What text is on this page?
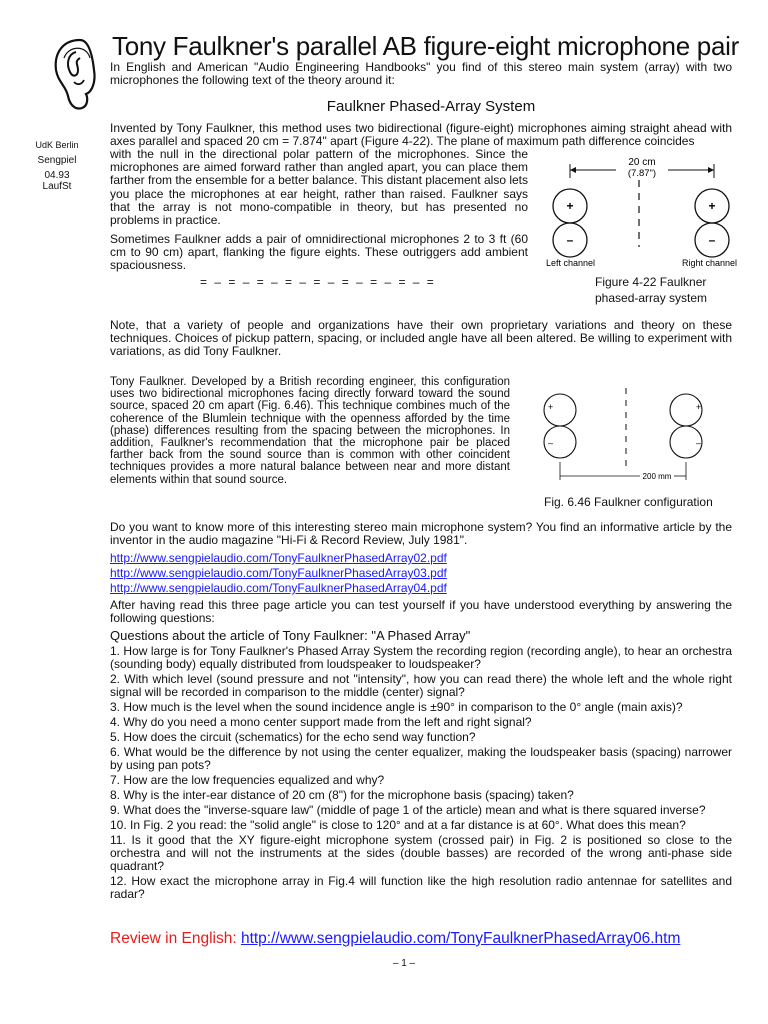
Tony Faulkner's parallel AB figure-eight microphone pair
In English and American "Audio Engineering Handbooks" you find of this stereo main system (array) with two microphones the following text of the theory around it:
Faulkner Phased-Array System
UdK Berlin
Sengpiel
04.93
LaufSt
Invented by Tony Faulkner, this method uses two bidirectional (figure-eight) microphones aiming straight ahead with axes parallel and spaced 20 cm = 7.874" apart (Figure 4-22). The plane of maximum path difference coincides
with the null in the directional polar pattern of the microphones. Since the microphones are aimed forward rather than angled apart, you can place them farther from the ensemble for a better balance. This distant placement also lets you place the microphones at ear height, rather than raised. Faulkner says that the array is not mono-compatible in theory, but has presented no problems in practice.
20 cm
(7.87")
+
–
+
–
Left channel	Right channel
Sometimes Faulkner adds a pair of omnidirectional microphones 2 to 3 ft (60 cm to 90 cm) apart, flanking the figure eights. These outriggers add ambient spaciousness.
= – = – = – = – = – = – = – = – =	Figure 4-22 Faulkner phased-array system
Note, that a variety of people and organizations have their own proprietary variations and theory on these techniques. Choices of pickup pattern, spacing, or included angle have all been altered. Be willing to experiment with variations, as did Tony Faulkner.
Tony Faulkner. Developed by a British recording engineer, this configuration uses two bidirectional microphones facing directly forward toward the sound source, spaced 20 cm apart (Fig. 6.46). This technique combines much of the coherence of the Blumlein technique with the openness afforded by the time (phase) differences resulting from the spacing between the microphones. In addition, Faulkner's recommendation that the microphone pair be placed farther back from the sound source than is common with other coincident techniques provides a more natural balance between near and more distant elements within that sound source.
+
–
+
–
200 mm
Fig. 6.46 Faulkner configuration
Do you want to know more of this interesting stereo main microphone system? You find an informative article by the inventor in the audio magazine "Hi-Fi & Record Review, July 1981".
http://www.sengpielaudio.com/TonyFaulknerPhasedArray02.pdf
http://www.sengpielaudio.com/TonyFaulknerPhasedArray03.pdf
http://www.sengpielaudio.com/TonyFaulknerPhasedArray04.pdf
After having read this three page article you can test yourself if you have understood everything by answering the following questions:
Questions about the article of Tony Faulkner: "A Phased Array"

1. How large is for Tony Faulkner's Phased Array System the recording region (recording angle), to hear an orchestra (sounding body) equally distributed from loudspeaker to loudspeaker?

2. With which level (sound pressure and not "intensity", how you can read there) the whole left and the whole right signal will be recorded in comparison to the middle (center) signal?

3. How much is the level when the sound incidence angle is ±90° in comparison to the 0° angle (main axis)?

4. Why do you need a mono center support made from the left and right signal?

5. How does the circuit (schematics) for the echo send way function?

6. What would be the difference by not using the center equalizer, making the loudspeaker basis (spacing) narrower by using pan pots?

7. How are the low frequencies equalized and why?

8. Why is the inter-ear distance of 20 cm (8") for the microphone basis (spacing) taken?

9. What does the "inverse-square law" (middle of page 1 of the article) mean and what is there squared inverse?

10. In Fig. 2 you read: the "solid angle" is close to 120° and at a far distance is at 60°. What does this mean?

11. Is it good that the XY figure-eight microphone system (crossed pair) in Fig. 2 is positioned so close to the orchestra and will not the instruments at the sides (double basses) are recorded of the wrong anti-phase side quadrant?

12. How exact the microphone array in Fig.4 will function like the high resolution radio antennae for satellites and radar?

Review in English: http://www.sengpielaudio.com/TonyFaulknerPhasedArray06.htm
– 1 –
